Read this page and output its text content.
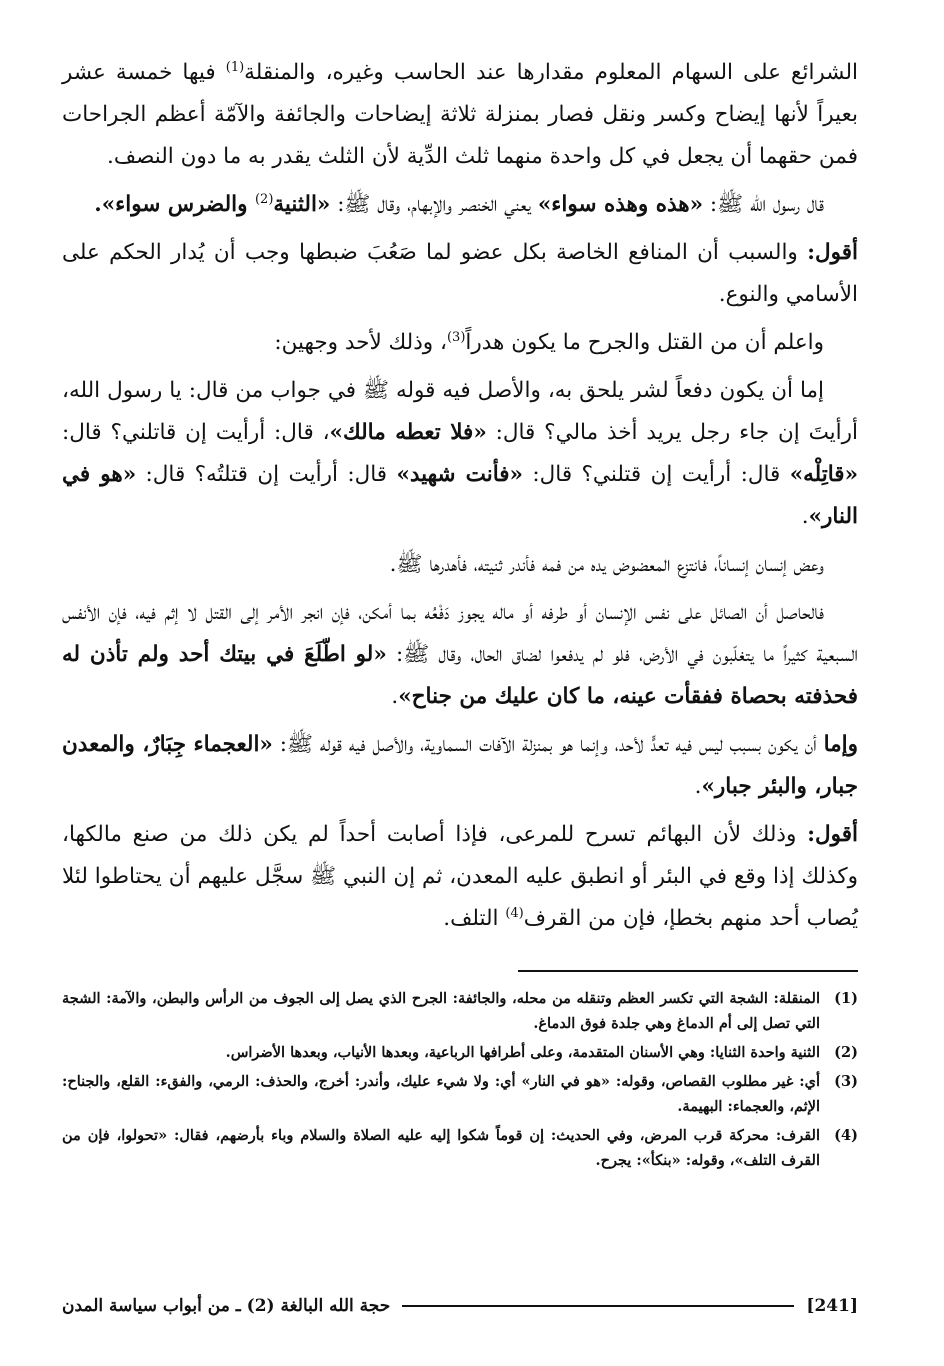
الشرائع على السهام المعلوم مقدارها عند الحاسب وغيره، والمنقلة$^{(1)}$ فيها خمسة عشر بعيراً لأنها إيضاح وكسر ونقل فصار بمنزلة ثلاثة إيضاحات والجائفة والآمّة أعظم الجراحات فمن حقهما أن يجعل في كل واحدة منهما ثلث الدِّية لأن الثلث يقدر به ما دون النصف.

قال رسول الله ﷺ: «هذه وهذه سواء» يعني الخنصر والإبهام، وقال ﷺ: «الثنية$^{(2)}$ والضرس سواء».

أقول: والسبب أن المنافع الخاصة بكل عضو لما صَعُبَ ضبطها وجب أن يُدار الحكم على الأسامي والنوع.

واعلم أن من القتل والجرح ما يكون هدراً$^{(3)}$، وذلك لأحد وجهين:

إما أن يكون دفعاً لشر يلحق به، والأصل فيه قوله ﷺ في جواب من قال: يا رسول الله، أرأيتَ إن جاء رجل يريد أخذ مالي؟ قال: «فلا تعطه مالك»، قال: أرأيت إن قاتلني؟ قال: «قاتِلْه» قال: أرأيت إن قتلني؟ قال: «فأنت شهيد» قال: أرأيت إن قتلتُه؟ قال: «هو في النار».

وعض إنسان إنساناً، فانتزع المعضوض يده من فمه فأندر ثنيته، فأهدرها ﷺ.

فالحاصل أن الصائل على نفس الإنسان أو طرفه أو ماله يجوز دَفْعُه بما أمكن، فإن انجر الأمر إلى القتل لا إثم فيه، فإن الأنفس السبعية كثيراً ما يتغلّبون في الأرض، فلو لم يدفعوا لضاق الحال، وقال ﷺ: «لو اطّلَعَ في بيتك أحد ولم تأذن له فحذفته بحصاة ففقأت عينه، ما كان عليك من جناح».

وإما أن يكون بسبب ليس فيه تعدٍّ لأحد، وإنما هو بمنزلة الآفات السماوية، والأصل فيه قوله ﷺ: «العجماء جِبَارٌ، والمعدن جبار، والبئر جبار».

أقول: وذلك لأن البهائم تسرح للمرعى، فإذا أصابت أحداً لم يكن ذلك من صنع مالكها، وكذلك إذا وقع في البئر أو انطبق عليه المعدن، ثم إن النبي ﷺ سجَّل عليهم أن يحتاطوا لئلا يُصاب أحد منهم بخطإ، فإن من القرف$^{(4)}$ التلف.

(1)
المنقلة: الشجة التي تكسر العظم وتنقله من محله، والجائفة: الجرح الذي يصل إلى الجوف من الرأس والبطن، والآمة: الشجة التي تصل إلى أم الدماغ وهي جلدة فوق الدماغ.
(2)
الثنية واحدة الثنايا: وهي الأسنان المتقدمة، وعلى أطرافها الرباعية، وبعدها الأنياب، وبعدها الأضراس.
(3)
أي: غير مطلوب القصاص، وقوله: «هو في النار» أي: ولا شيء عليك، وأندر: أخرج، والحذف: الرمي، والفقء: القلع، والجناح: الإثم، والعجماء: البهيمة.
(4)
القرف: محركة قرب المرض، وفي الحديث: إن قوماً شكوا إليه عليه الصلاة والسلام وباء بأرضهم، فقال: «تحولوا، فإن من القرف التلف»، وقوله: «بنكأ»: يجرح.
[241]
حجة الله البالغة (2) ـ من أبواب سياسة المدن
